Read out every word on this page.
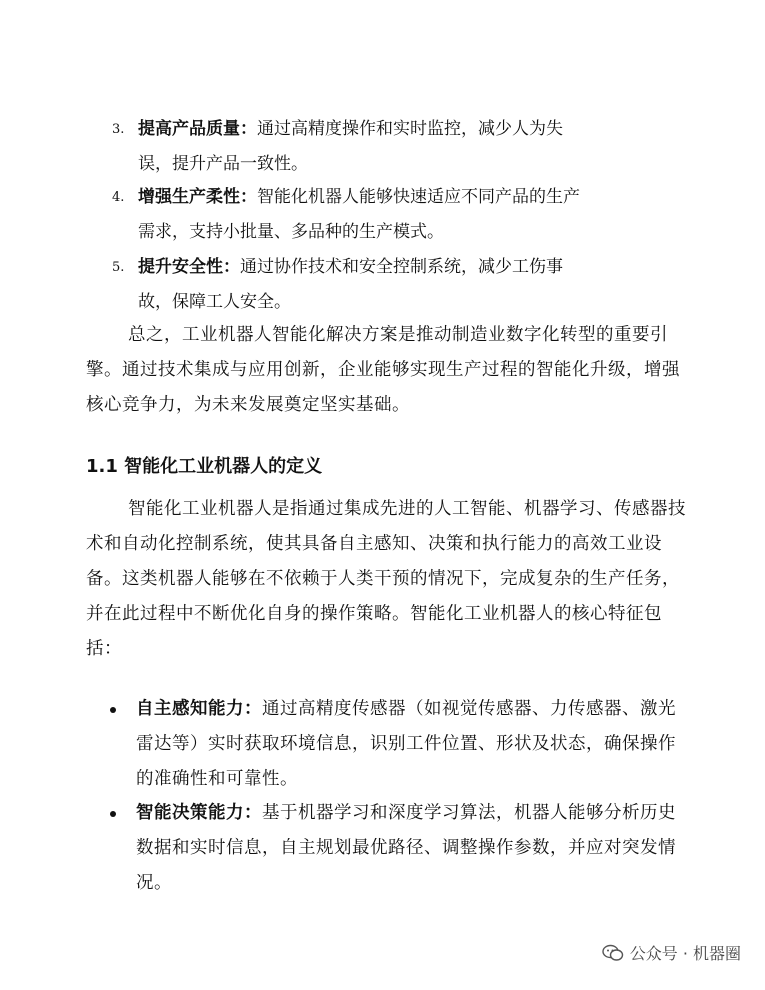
3. 提高产品质量：通过高精度操作和实时监控，减少人为失
误，提升产品一致性。
4. 增强生产柔性：智能化机器人能够快速适应不同产品的生产
需求，支持小批量、多品种的生产模式。
5. 提升安全性：通过协作技术和安全控制系统，减少工伤事
故，保障工人安全。
总之，工业机器人智能化解决方案是推动制造业数字化转型的重要引擎。通过技术集成与应用创新，企业能够实现生产过程的智能化升级，增强核心竞争力，为未来发展奠定坚实基础。
1.1 智能化工业机器人的定义
智能化工业机器人是指通过集成先进的人工智能、机器学习、传感器技术和自动化控制系统，使其具备自主感知、决策和执行能力的高效工业设备。这类机器人能够在不依赖于人类干预的情况下，完成复杂的生产任务，并在此过程中不断优化自身的操作策略。智能化工业机器人的核心特征包括：
自主感知能力：通过高精度传感器（如视觉传感器、力传感器、激光雷达等）实时获取环境信息，识别工件位置、形状及状态，确保操作的准确性和可靠性。
智能决策能力：基于机器学习和深度学习算法，机器人能够分析历史数据和实时信息，自主规划最优路径、调整操作参数，并应对突发情况。
公众号 · 机器圈
